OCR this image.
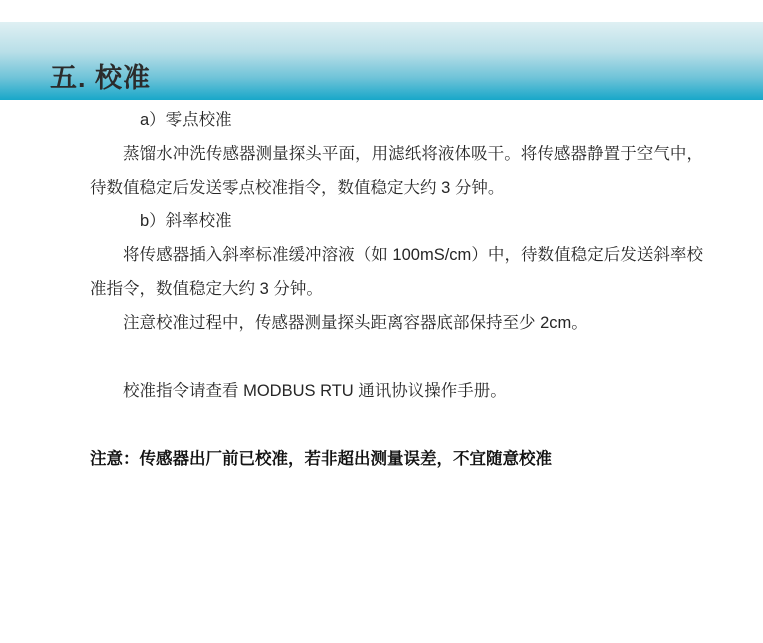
五. 校准

a）零点校准

蒸馏水冲洗传感器测量探头平面，用滤纸将液体吸干。将传感器静置于空气中，待数值稳定后发送零点校准指令，数值稳定大约 3 分钟。

b）斜率校准

将传感器插入斜率标准缓冲溶液（如 100mS/cm）中，待数值稳定后发送斜率校准指令，数值稳定大约 3 分钟。

注意校准过程中，传感器测量探头距离容器底部保持至少 2cm。

校准指令请查看 MODBUS RTU 通讯协议操作手册。

注意：传感器出厂前已校准，若非超出测量误差，不宜随意校准
